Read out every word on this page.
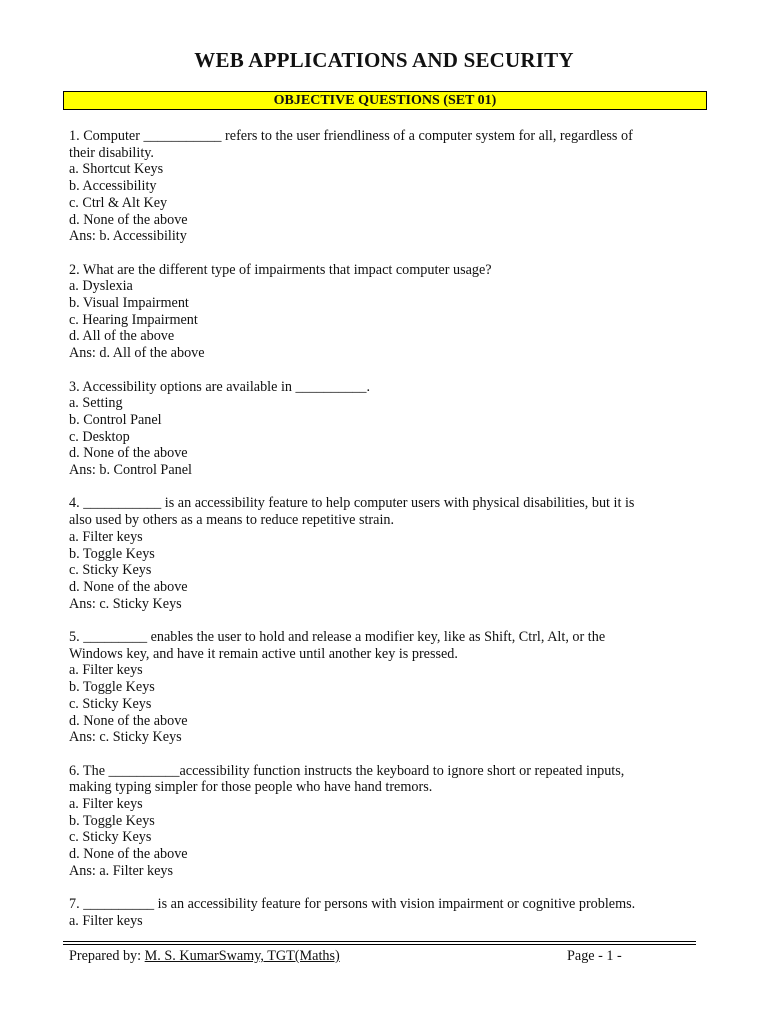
WEB APPLICATIONS AND SECURITY
OBJECTIVE QUESTIONS (SET 01)
1. Computer ___________ refers to the user friendliness of a computer system for all, regardless of
their disability.
a. Shortcut Keys
b. Accessibility
c. Ctrl & Alt Key
d. None of the above
Ans: b. Accessibility
2. What are the different type of impairments that impact computer usage?
a. Dyslexia
b. Visual Impairment
c. Hearing Impairment
d. All of the above
Ans: d. All of the above
3. Accessibility options are available in __________.
a. Setting
b. Control Panel
c. Desktop
d. None of the above
Ans: b. Control Panel
4. ___________ is an accessibility feature to help computer users with physical disabilities, but it is
also used by others as a means to reduce repetitive strain.
a. Filter keys
b. Toggle Keys
c. Sticky Keys
d. None of the above
Ans: c. Sticky Keys
5. _________ enables the user to hold and release a modifier key, like as Shift, Ctrl, Alt, or the
Windows key, and have it remain active until another key is pressed.
a. Filter keys
b. Toggle Keys
c. Sticky Keys
d. None of the above
Ans: c. Sticky Keys
6. The __________accessibility function instructs the keyboard to ignore short or repeated inputs,
making typing simpler for those people who have hand tremors.
a. Filter keys
b. Toggle Keys
c. Sticky Keys
d. None of the above
Ans: a. Filter keys
7. __________ is an accessibility feature for persons with vision impairment or cognitive problems.
a. Filter keys
Prepared by: M. S. KumarSwamy, TGT(Maths)	Page - 1 -
